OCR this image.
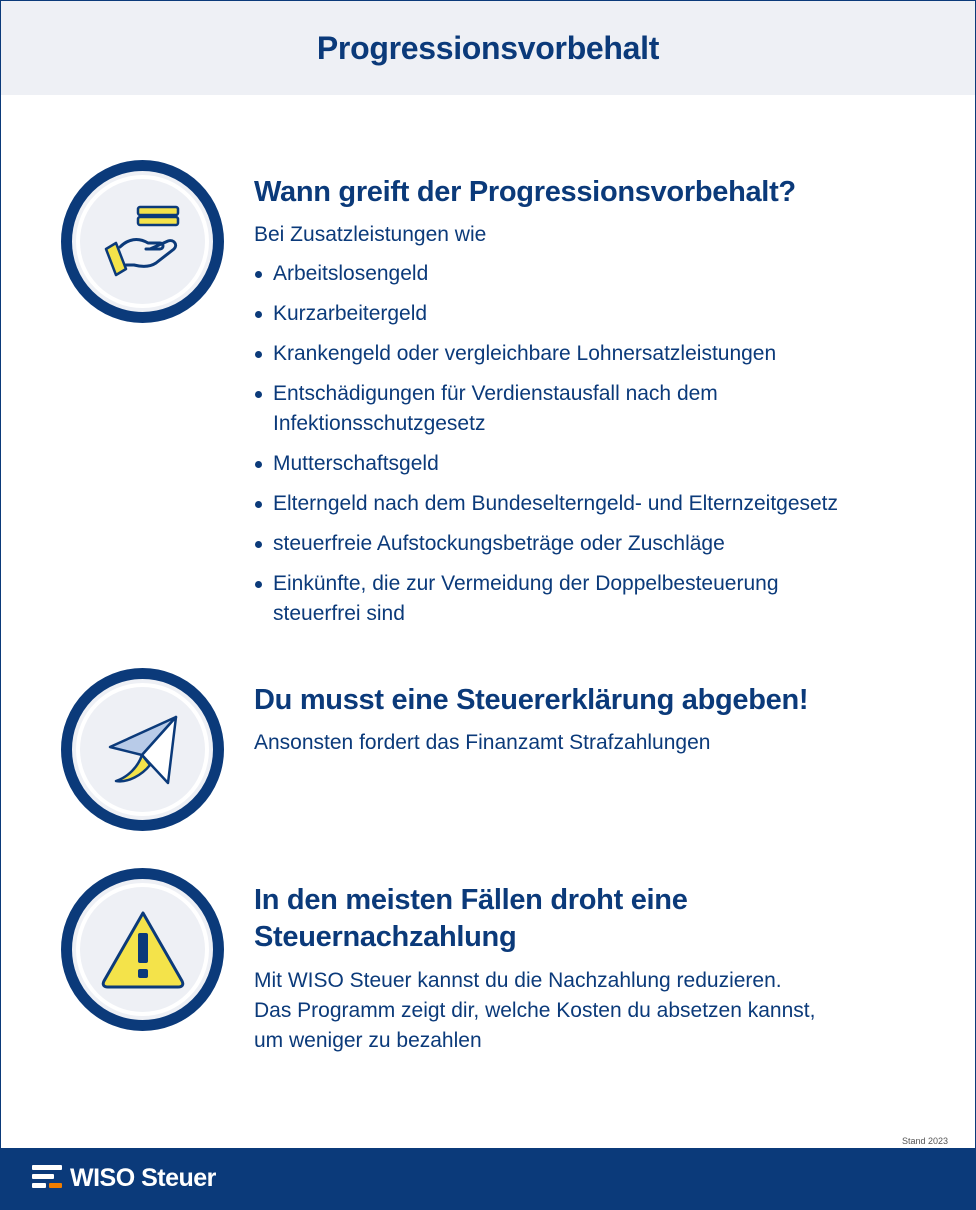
Progressionsvorbehalt
Wann greift der Progressionsvorbehalt?

Bei Zusatzleistungen wie

Arbeitslosengeld
Kurzarbeitergeld
Krankengeld oder vergleichbare Lohnersatzleistungen
Entschädigungen für Verdienstausfall nach dem Infektionsschutzgesetz
Mutterschaftsgeld
Elterngeld nach dem Bundeselterngeld- und Elternzeitgesetz
steuerfreie Aufstockungsbeträge oder Zuschläge
Einkünfte, die zur Vermeidung der Doppelbesteuerung steuerfrei sind
Du musst eine Steuererklärung abgeben!

Ansonsten fordert das Finanzamt Strafzahlungen

In den meisten Fällen droht eine Steuernachzahlung

Mit WISO Steuer kannst du die Nachzahlung reduzieren.

Das Programm zeigt dir, welche Kosten du absetzen kannst,

um weniger zu bezahlen

Stand 2023
WISO Steuer
